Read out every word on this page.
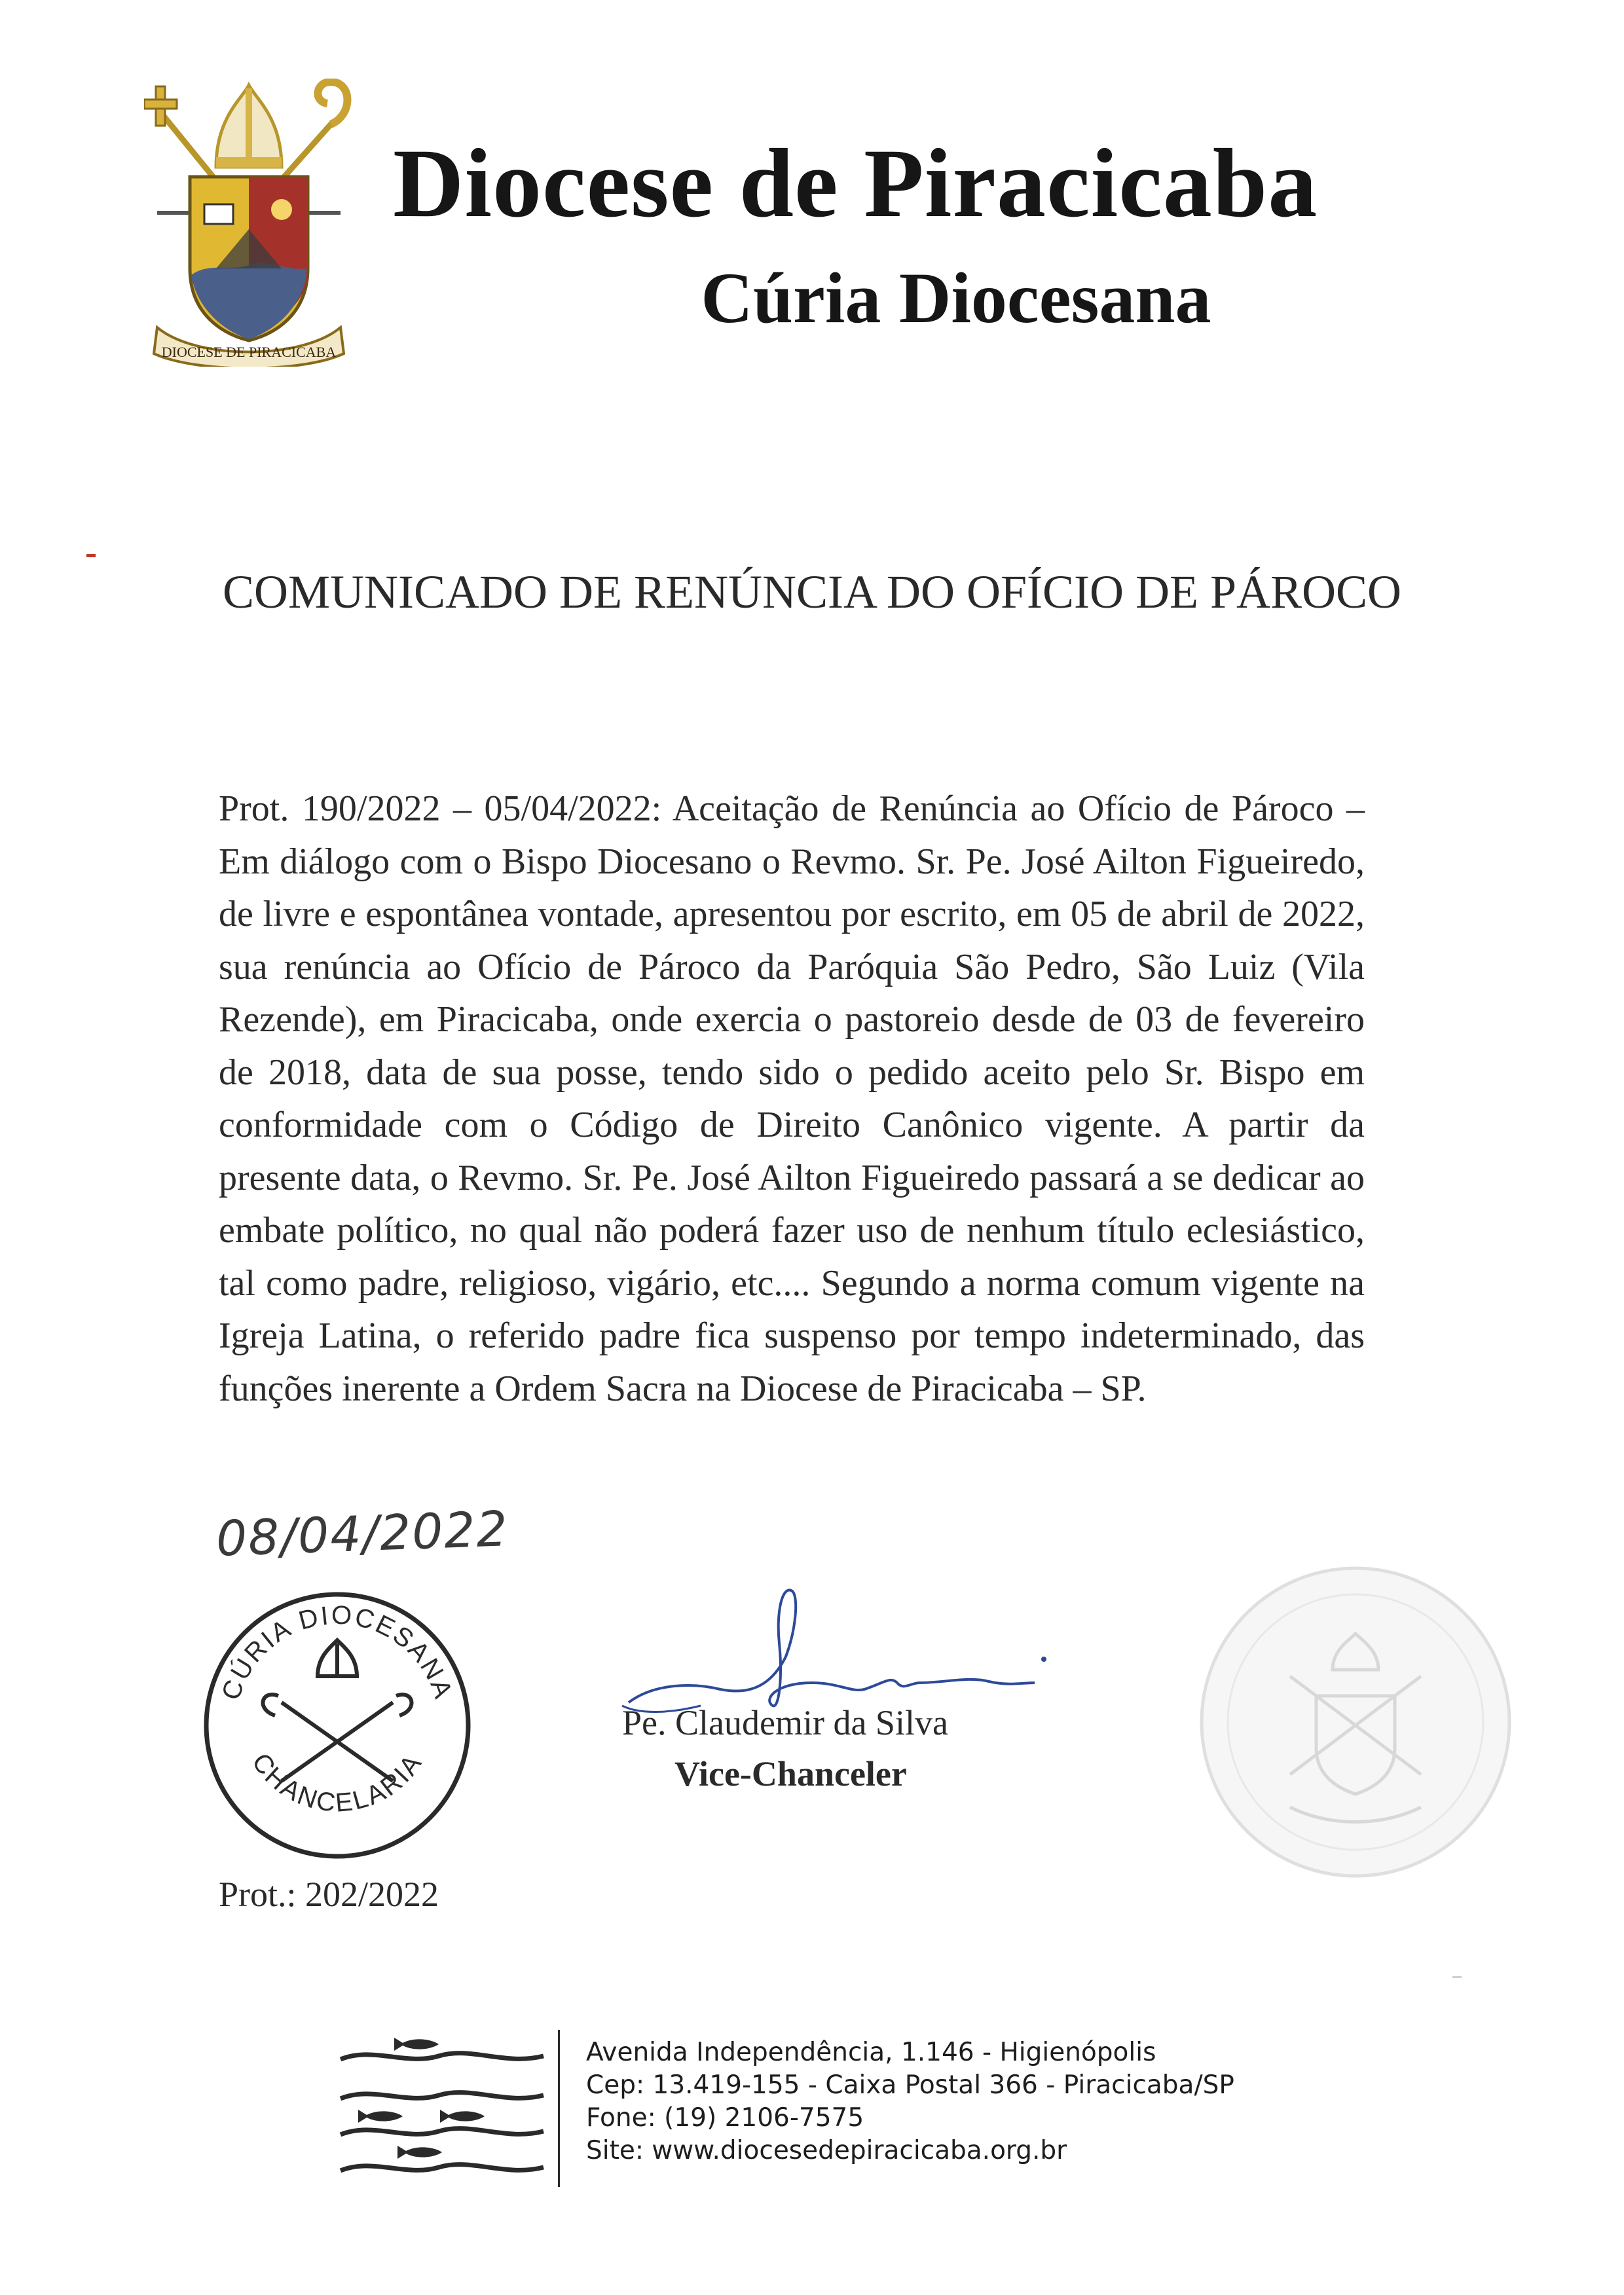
DIOCESE DE PIRACICABA
Diocese de Piracicaba
Cúria Diocesana
COMUNICADO DE RENÚNCIA DO OFÍCIO DE PÁROCO
Prot. 190/2022 – 05/04/2022: Aceitação de Renúncia ao Ofício de Pároco – Em diálogo com o Bispo Diocesano o Revmo. Sr. Pe. José Ailton Figueiredo, de livre e espontânea vontade, apresentou por escrito, em 05 de abril de 2022, sua renúncia ao Ofício de Pároco da Paróquia São Pedro, São Luiz (Vila Rezende), em Piracicaba, onde exercia o pastoreio desde de 03 de fevereiro de 2018, data de sua posse, tendo sido o pedido aceito pelo Sr. Bispo em conformidade com o Código de Direito Canônico vigente. A partir da presente data, o Revmo. Sr. Pe. José Ailton Figueiredo passará a se dedicar ao embate político, no qual não poderá fazer uso de nenhum título eclesiástico, tal como padre, religioso, vigário, etc.... Segundo a norma comum vigente na Igreja Latina, o referido padre fica suspenso por tempo indeterminado, das funções inerente a Ordem Sacra na Diocese de Piracicaba – SP.
08/04/2022
CÚRIA DIOCESANA
CHANCELARIA
Pe. Claudemir da Silva
Vice-Chanceler
Prot.: 202/2022
Avenida Independência, 1.146 - Higienópolis
Cep: 13.419-155 - Caixa Postal 366 - Piracicaba/SP
Fone: (19) 2106-7575
Site: www.diocesedepiracicaba.org.br
